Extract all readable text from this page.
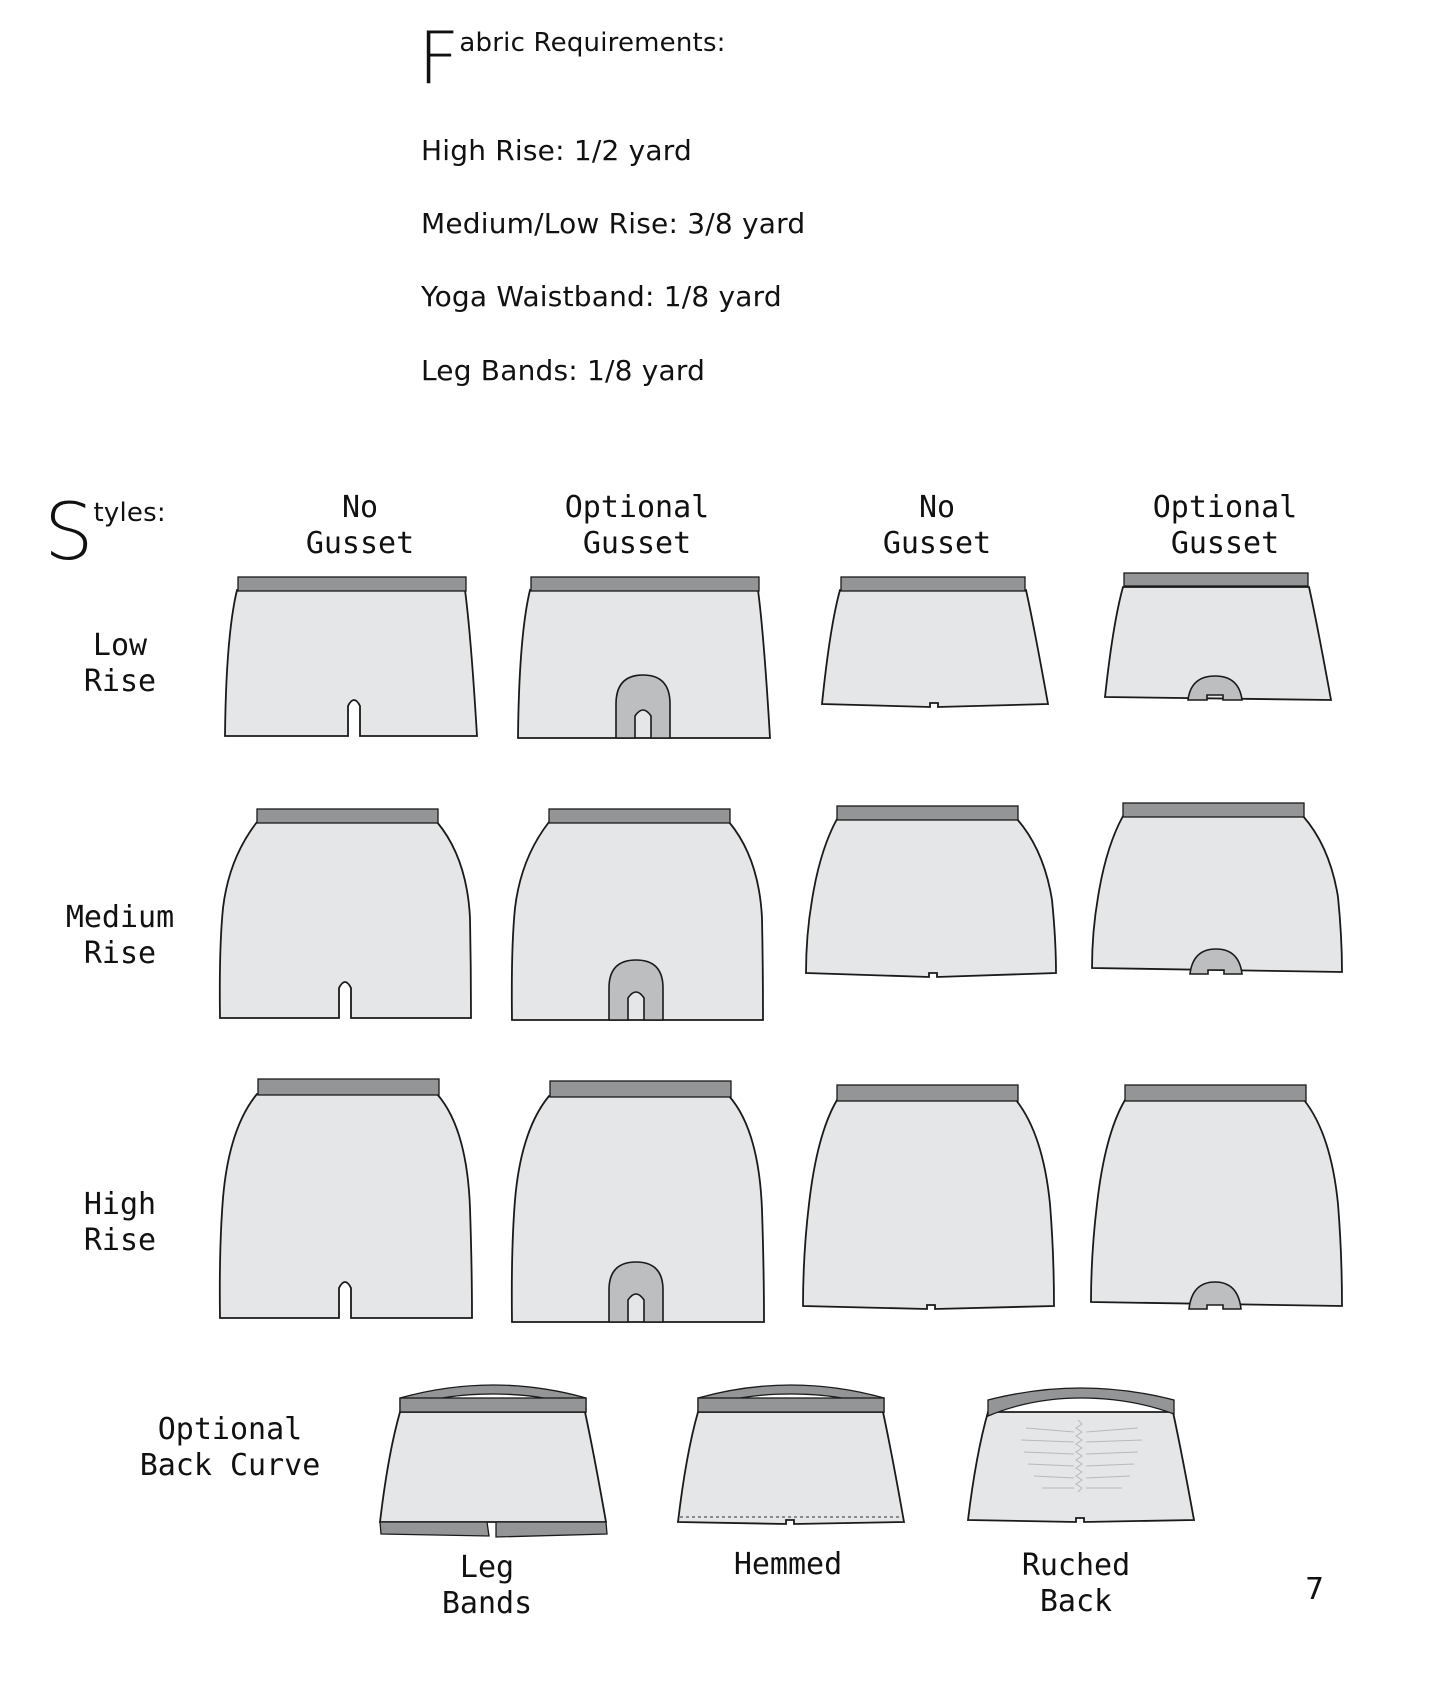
F abric Requirements:
High Rise: 1/2 yard
Medium/Low Rise: 3/8 yard
Yoga Waistband: 1/8 yard
Leg Bands: 1/8 yard
S tyles:	No
Gusset
Optional
Gusset
No
Gusset
Optional
Gusset
Low
Rise
Medium
Rise
High
Rise
Optional
Back Curve
Leg
Bands
Hemmed	Ruched
Back	7
